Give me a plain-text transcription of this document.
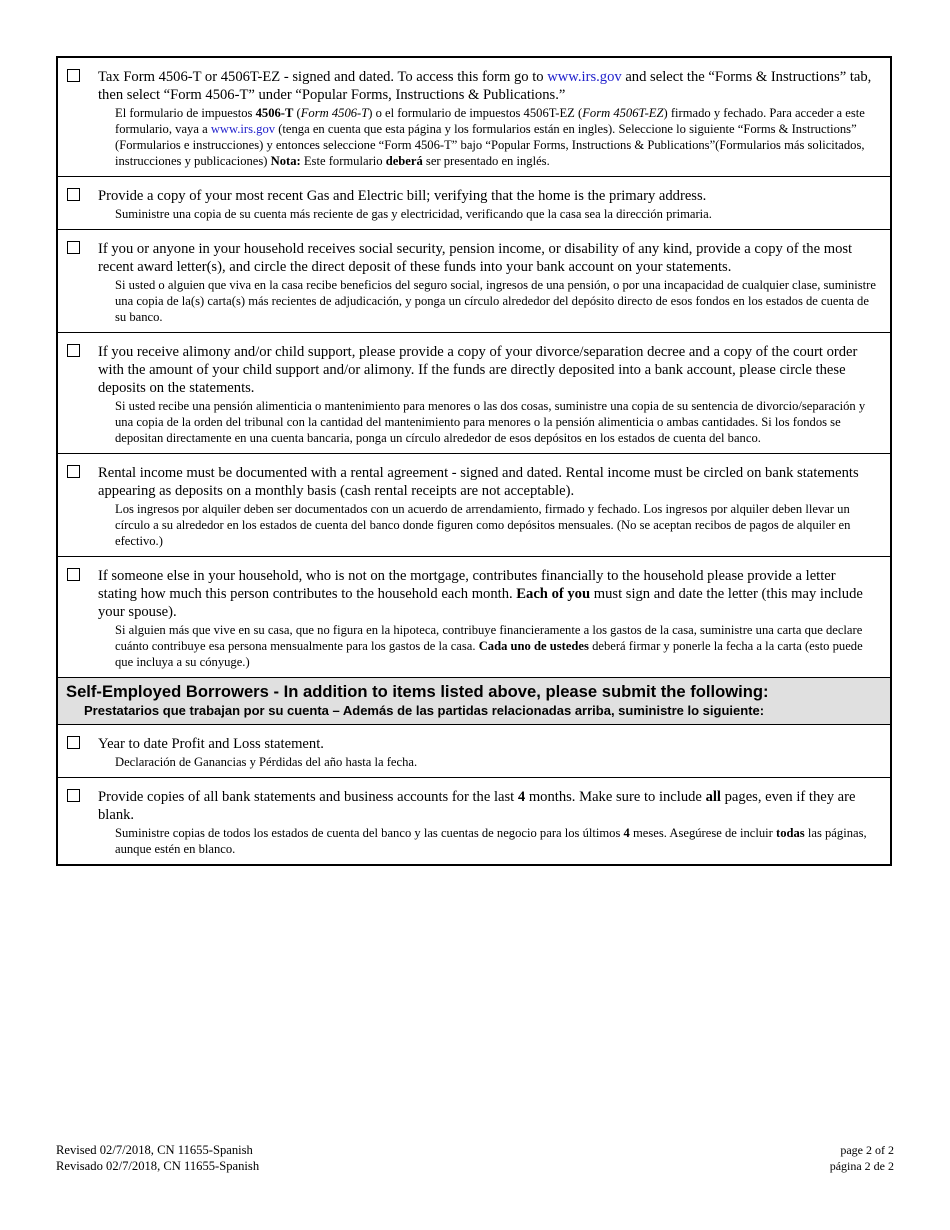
Tax Form 4506-T or 4506T-EZ - signed and dated. To access this form go to www.irs.gov and select the “Forms & Instructions” tab, then select “Form 4506-T” under “Popular Forms, Instructions & Publications.”
El formulario de impuestos 4506-T (Form 4506-T) o el formulario de impuestos 4506T-EZ (Form 4506T-EZ) firmado y fechado. Para acceder a este formulario, vaya a www.irs.gov (tenga en cuenta que esta página y los formularios están en ingles). Seleccione lo siguiente “Forms & Instructions” (Formularios e instrucciones) y entonces seleccione “Form 4506-T” bajo “Popular Forms, Instructions & Publications”(Formularios más solicitados, instrucciones y publicaciones) Nota: Este formulario deberá ser presentado en inglés.
Provide a copy of your most recent Gas and Electric bill; verifying that the home is the primary address.
Suministre una copia de su cuenta más reciente de gas y electricidad, verificando que la casa sea la dirección primaria.
If you or anyone in your household receives social security, pension income, or disability of any kind, provide a copy of the most recent award letter(s), and circle the direct deposit of these funds into your bank account on your statements.
Si usted o alguien que viva en la casa recibe beneficios del seguro social, ingresos de una pensión, o por una incapacidad de cualquier clase, suministre una copia de la(s) carta(s) más recientes de adjudicación, y ponga un círculo alrededor del depósito directo de esos fondos en los estados de cuenta de su banco.
If you receive alimony and/or child support, please provide a copy of your divorce/separation decree and a copy of the court order with the amount of your child support and/or alimony. If the funds are directly deposited into a bank account, please circle these deposits on the statements.
Si usted recibe una pensión alimenticia o mantenimiento para menores o las dos cosas, suministre una copia de su sentencia de divorcio/separación y una copia de la orden del tribunal con la cantidad del mantenimiento para menores o la pensión alimenticia o ambas cantidades. Si los fondos se depositan directamente en una cuenta bancaria, ponga un círculo alrededor de esos depósitos en los estados de cuenta del banco.
Rental income must be documented with a rental agreement - signed and dated. Rental income must be circled on bank statements appearing as deposits on a monthly basis (cash rental receipts are not acceptable).
Los ingresos por alquiler deben ser documentados con un acuerdo de arrendamiento, firmado y fechado. Los ingresos por alquiler deben llevar un círculo a su alrededor en los estados de cuenta del banco donde figuren como depósitos mensuales. (No se aceptan recibos de pagos de alquiler en efectivo.)
If someone else in your household, who is not on the mortgage, contributes financially to the household please provide a letter stating how much this person contributes to the household each month. Each of you must sign and date the letter (this may include your spouse).
Si alguien más que vive en su casa, que no figura en la hipoteca, contribuye financieramente a los gastos de la casa, suministre una carta que declare cuánto contribuye esa persona mensualmente para los gastos de la casa. Cada uno de ustedes deberá firmar y ponerle la fecha a la carta (esto puede que incluya a su cónyuge.)
Self-Employed Borrowers - In addition to items listed above, please submit the following:
Prestatarios que trabajan por su cuenta – Además de las partidas relacionadas arriba, suministre lo siguiente:
Year to date Profit and Loss statement.
Declaración de Ganancias y Pérdidas del año hasta la fecha.
Provide copies of all bank statements and business accounts for the last 4 months. Make sure to include all pages, even if they are blank.
Suministre copias de todos los estados de cuenta del banco y las cuentas de negocio para los últimos 4 meses. Asegúrese de incluir todas las páginas, aunque estén en blanco.
Revised 02/7/2018, CN 11655-Spanish
Revisado 02/7/2018, CN 11655-Spanish
page 2 of 2
página 2 de 2
